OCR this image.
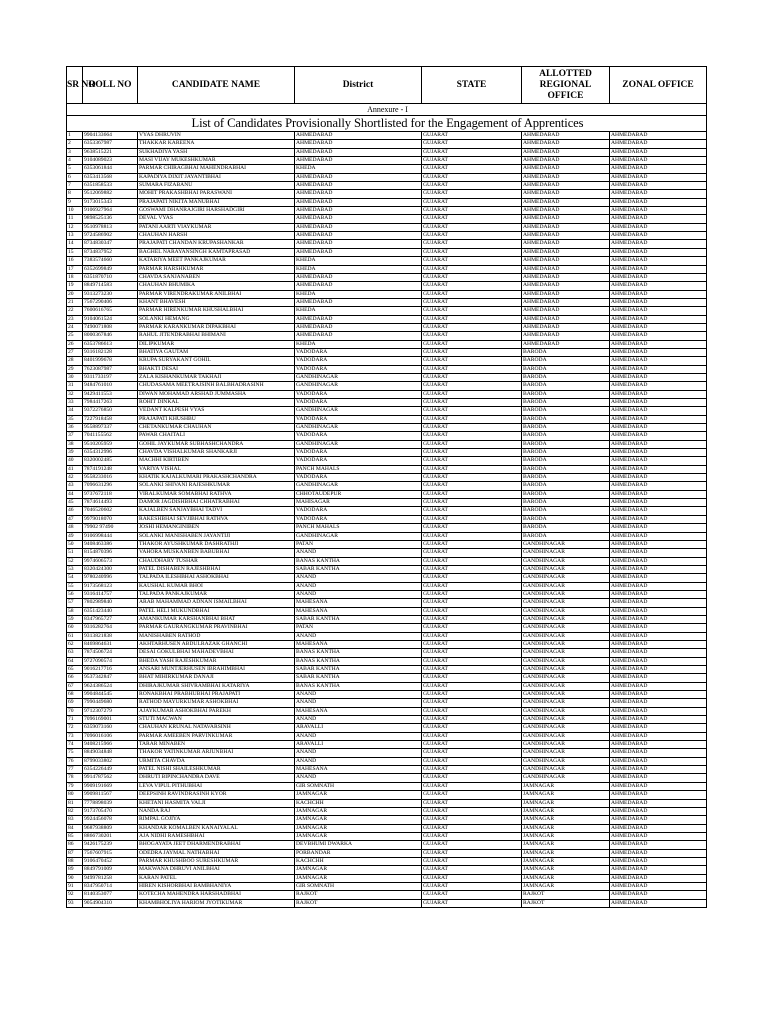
Annexure - I						
List of Candidates Provisionally Shortlisted for the Engagement of Apprentices						
SR NO	ROLL NO	CANDIDATE NAME	District	STATE	ALLOTTED REGIONAL OFFICE	ZONAL OFFICE
1	9904133664	VYAS DHRUVIN	AHMEDABAD	GUJARAT	AHMEDABAD	AHMEDABAD
2	6353367987	THAKKAR KAREENA	AHMEDABAD	GUJARAT	AHMEDABAD	AHMEDABAD
3	9638515221	SUKHADIYA YASH	AHMEDABAD	GUJARAT	AHMEDABAD	AHMEDABAD
4	9104089023	MASI VIJAY MUKESHKUMAR	AHMEDABAD	GUJARAT	AHMEDABAD	AHMEDABAD
5	6353061844	PARMAR CHIRAGBHAI MAHENDRABHAI	KHEDA	GUJARAT	AHMEDABAD	AHMEDABAD
6	6353413568	KAPADIYA DIXIT JAYANTIBHAI	AHMEDABAD	GUJARAT	AHMEDABAD	AHMEDABAD
7	6351858533	SUMARA FIZABANU	AHMEDABAD	GUJARAT	AHMEDABAD	AHMEDABAD
8	9512069882	MOHIT PRAKASHBHAI PARASWANI	AHMEDABAD	GUJARAT	AHMEDABAD	AHMEDABAD
9	9173015343	PRAJAPATI NIKITA MANUBHAI	AHMEDABAD	GUJARAT	AHMEDABAD	AHMEDABAD
10	9106927964	GOSWAMI DHANRAJGIRI HARSHADGIRI	AHMEDABAD	GUJARAT	AHMEDABAD	AHMEDABAD
11	9898525136	DEVAL VYAS	AHMEDABAD	GUJARAT	AHMEDABAD	AHMEDABAD
12	9510978813	PATANI AARTI VIAYKUMAR	AHMEDABAD	GUJARAT	AHMEDABAD	AHMEDABAD
13	9724586902	CHAUHAN HARSH	AHMEDABAD	GUJARAT	AHMEDABAD	AHMEDABAD
14	8734830347	PRAJAPATI CHANDAN KRUPASHANKAR	AHMEDABAD	GUJARAT	AHMEDABAD	AHMEDABAD
15	8734837952	BAGHEL NARAYANSINGH KAMTAPRASAD	AHMEDABAD	GUJARAT	AHMEDABAD	AHMEDABAD
16	7383574660	KATARIYA MEET PANKAJKUMAR	KHEDA	GUJARAT	AHMEDABAD	AHMEDABAD
17	6352699849	PARMAR HARSHKUMAR	KHEDA	GUJARAT	AHMEDABAD	AHMEDABAD
18	6351870710	CHAVDA SANJANABEN	AHMEDABAD	GUJARAT	AHMEDABAD	AHMEDABAD
19	8849714583	CHAUHAN BHUMIKA	AHMEDABAD	GUJARAT	AHMEDABAD	AHMEDABAD
20	9313273230	PARMAR VIRENDRAKUMAR ANILBHAI	KHEDA	GUJARAT	AHMEDABAD	AHMEDABAD
21	7567290406	KHANT BHAVESH	AHMEDABAD	GUJARAT	AHMEDABAD	AHMEDABAD
22	7600616765	PARMAR HIRENKUMAR KHUSHALBHAI	KHEDA	GUJARAT	AHMEDABAD	AHMEDABAD
23	9104061524	SOLANKI HEMANG	AHMEDABAD	GUJARAT	AHMEDABAD	AHMEDABAD
24	7490071808	PARMAR KARANKUMAR DIPAKBHAI	AHMEDABAD	GUJARAT	AHMEDABAD	AHMEDABAD
25	8000367846	RAHUL JITENDRABHAI BHIMANI	AHMEDABAD	GUJARAT	AHMEDABAD	AHMEDABAD
26	6353786613	DILIPKUMAR	KHEDA	GUJARAT	AHMEDABAD	AHMEDABAD
27	9316182128	BHATIYA GAUTAM	VADODARA	GUJARAT	BARODA	AHMEDABAD
28	8401999678	KRUPA SURYAKANT GOHIL	VADODARA	GUJARAT	BARODA	AHMEDABAD
29	7623087987	BHAKTI DESAI	VADODARA	GUJARAT	BARODA	AHMEDABAD
30	9311733197	ZALA KISHANKUMAR TAKHAJI	GANDHINAGAR	GUJARAT	BARODA	AHMEDABAD
31	9484761010	CHUDASAMA MEETRAJSINH BALBHADRASINH	GANDHINAGAR	GUJARAT	BARODA	AHMEDABAD
32	9429411553	DIWAN MOHAMAD ARSHAD JUMMASHA	VADODARA	GUJARAT	BARODA	AHMEDABAD
33	7984417263	ROHIT DINKAL	VADODARA	GUJARAT	BARODA	AHMEDABAD
34	9372276850	VEDANT KALPESH VYAS	GANDHINAGAR	GUJARAT	BARODA	AHMEDABAD
35	7227918458	PRAJAPATI KHUSHBU	VADODARA	GUJARAT	BARODA	AHMEDABAD
36	9558897337	CHETANKUMAR CHAUHAN	GANDHINAGAR	GUJARAT	BARODA	AHMEDABAD
37	7041155562	PAWAR CHAITALI	VADODARA	GUJARAT	BARODA	AHMEDABAD
38	9510205959	GOHIL JAYKUMAR SUBHASHCHANDRA	GANDHINAGAR	GUJARAT	BARODA	AHMEDABAD
39	6354312996	CHAVDA VISHALKUMAR SHANKARJI	VADODARA	GUJARAT	BARODA	AHMEDABAD
40	8320002485	MACHHI KIRTIBEN	VADODARA	GUJARAT	BARODA	AHMEDABAD
41	7874191248	VARIYA VISHAL	PANCH MAHALS	GUJARAT	BARODA	AHMEDABAD
42	9558233016	KHATIK KAJALKUMARI PRAKASHCHANDRA	VADODARA	GUJARAT	BARODA	AHMEDABAD
43	7096631296	SOLANKI SHIVANI RAJESHKUMAR	GANDHINAGAR	GUJARAT	BARODA	AHMEDABAD
44	9737672118	VIRALKUMAR SOMABHAI RATHVA	CHHOTAUDEPUR	GUJARAT	BARODA	AHMEDABAD
45	7874614493	DAMOR JAGDISHBHAI CHHATRABHAI	MAHISAGAR	GUJARAT	BARODA	AHMEDABAD
46	7046520602	KAJALBEN SANJAYBHAI TADVI	VADODARA	GUJARAT	BARODA	AHMEDABAD
47	9979018070	RAKESHBHAI SEVJIBHAI RATHVA	VADODARA	GUJARAT	BARODA	AHMEDABAD
48	79902 97490	JOSHI HEMANGINIBEN	PANCH MAHALS	GUJARAT	BARODA	AHMEDABAD
49	9106998444	SOLANKI MANISHABEN JAYANTIJI	GANDHINAGAR	GUJARAT	BARODA	AHMEDABAD
50	9408463386	THAKOR AYUSHKUMAR DASHRATHJI	PATAN	GUJARAT	GANDHINAGAR	AHMEDABAD
51	8154870396	VAHORA MUSKANBEN BABUBHAI	ANAND	GUJARAT	GANDHINAGAR	AHMEDABAD
52	9974606573	CHAUDHARY TUSHAR	BANAS KANTHA	GUJARAT	GANDHINAGAR	AHMEDABAD
53	8320424300	PATEL DISHABEN RAJESHBHAI	SABAR KANTHA	GUJARAT	GANDHINAGAR	AHMEDABAD
54	9780240996	TALPADA ILESHBHAI ASHOKBHAI	ANAND	GUJARAT	GANDHINAGAR	AHMEDABAD
55	9173568123	KAUSHAL KUMAR BHOI	ANAND	GUJARAT	GANDHINAGAR	AHMEDABAD
56	9316414757	TALPADA PANKAJKUMAR	ANAND	GUJARAT	GANDHINAGAR	AHMEDABAD
57	7802989840	ARAB MAHAMMAD ADNAN ISMAILBHAI	MAHESANA	GUJARAT	GANDHINAGAR	AHMEDABAD
58	6351423440	PATEL HELI MUKUNDBHAI	MAHESANA	GUJARAT	GANDHINAGAR	AHMEDABAD
59	8347965727	AMANKUMAR KARSHANBHAI BHAT	SABAR KANTHA	GUJARAT	GANDHINAGAR	AHMEDABAD
60	9316282764	PARMAR GAURANGKUMAR PRAVINBHAI	PATAN	GUJARAT	GANDHINAGAR	AHMEDABAD
61	9313821838	MANISHABEN RATHOD	ANAND	GUJARAT	GANDHINAGAR	AHMEDABAD
62	8469864631	AKHTARHUSEN ABDULRAZAK GHANCHI	MAHESANA	GUJARAT	GANDHINAGAR	AHMEDABAD
63	7874506724	DESAI GOKULBHAI MAHADEVBHAI	BANAS KANTHA	GUJARAT	GANDHINAGAR	AHMEDABAD
64	9727090574	BHEDA YASH RAJESHKUMAR	BANAS KANTHA	GUJARAT	GANDHINAGAR	AHMEDABAD
65	9016217716	ANSARI MUNTJERHUSEN IBRAHIMBHAI	SABAR KANTHA	GUJARAT	GANDHINAGAR	AHMEDABAD
66	9537342847	BHAT MIHIRKUMAR DANAJI	SABAR KANTHA	GUJARAT	GANDHINAGAR	AHMEDABAD
67	9624386524	DHIRAJKUMAR SHIVRAMBHAI KATARIYA	BANAS KANTHA	GUJARAT	GANDHINAGAR	AHMEDABAD
68	9904844545	RONAKBHAI PRABHUBHAI PRAJAPATI	ANAND	GUJARAT	GANDHINAGAR	AHMEDABAD
69	7990449680	RATHOD MAYURKUMAR ASHOKBHAI	ANAND	GUJARAT	GANDHINAGAR	AHMEDABAD
70	9712307279	AJAYKUMAR ASHOKBHAI PAREKH	MAHESANA	GUJARAT	GANDHINAGAR	AHMEDABAD
71	7096169001	STUTI MACWAN	ANAND	GUJARAT	GANDHINAGAR	AHMEDABAD
72	6359073160	CHAUHAN KRUNAL NATAVARSINH	ARAVALLI	GUJARAT	GANDHINAGAR	AHMEDABAD
73	7096016106	PARMAR AMEEBEN PARVINKUMAR	ANAND	GUJARAT	GANDHINAGAR	AHMEDABAD
74	9408215966	TARAR MINABEN	ARAVALLI	GUJARAT	GANDHINAGAR	AHMEDABAD
75	8849034848	THAKOR YATINKUMAR ARJUNBHAI	ANAND	GUJARAT	GANDHINAGAR	AHMEDABAD
76	8799033802	URMITA CHAVDA	ANAND	GUJARAT	GANDHINAGAR	AHMEDABAD
77	6354226449	PATEL NISHI SHAILESHKUMAR	MAHESANA	GUJARAT	GANDHINAGAR	AHMEDABAD
78	9914787562	DHRUTI BIPINCHANDRA DAVE	ANAND	GUJARAT	GANDHINAGAR	AHMEDABAD
79	9909191669	LEVA VIPUL PITHUBHAI	GIR SOMNATH	GUJARAT	JAMNAGAR	AHMEDABAD
80	9909811567	DEEPSINH RAVINDRASINH KYOR	JAMNAGAR	GUJARAT	JAMNAGAR	AHMEDABAD
81	7778898039	KHETANI HASMITA VALJI	KACHCHH	GUJARAT	JAMNAGAR	AHMEDABAD
82	9173705470	NANDA RAJ	JAMNAGAR	GUJARAT	JAMNAGAR	AHMEDABAD
83	9924456078	RIMPAL GOJIYA	JAMNAGAR	GUJARAT	JAMNAGAR	AHMEDABAD
84	9687938809	KHANDAR KOMALBEN KANAIYALAL	JAMNAGAR	GUJARAT	JAMNAGAR	AHMEDABAD
85	8866730201	AJA NIDHI RAMESHBHAI	JAMNAGAR	GUJARAT	JAMNAGAR	AHMEDABAD
86	9426175239	BHOGAYATA JEET DHARMENDRABHAI	DEVBHUMI DWARKA	GUJARAT	JAMNAGAR	AHMEDABAD
87	7567607915	ODEDRA JAYMAL NATHABHAI	PORBANDAR	GUJARAT	JAMNAGAR	AHMEDABAD
88	9106470452	PARMAR KHUSHBOO SURESHKUMAR	KACHCHH	GUJARAT	JAMNAGAR	AHMEDABAD
89	8849791009	MAKWANA DHRUVI ANILBHAI	JAMNAGAR	GUJARAT	JAMNAGAR	AHMEDABAD
90	9499781258	KARAN PATEL	JAMNAGAR	GUJARAT	JAMNAGAR	AHMEDABAD
91	8347950714	HIREN KISHORBHAI BAMBHANIYA	GIR SOMNATH	GUJARAT	JAMNAGAR	AHMEDABAD
92	8140353077	KOTECHA MAHENDRA HARSHADBHAI	RAJKOT	GUJARAT	RAJKOT	AHMEDABAD
93	9054904310	KHAMBHOLIYA HARIOM JYOTIKUMAR	RAJKOT	GUJARAT	RAJKOT	AHMEDABAD
